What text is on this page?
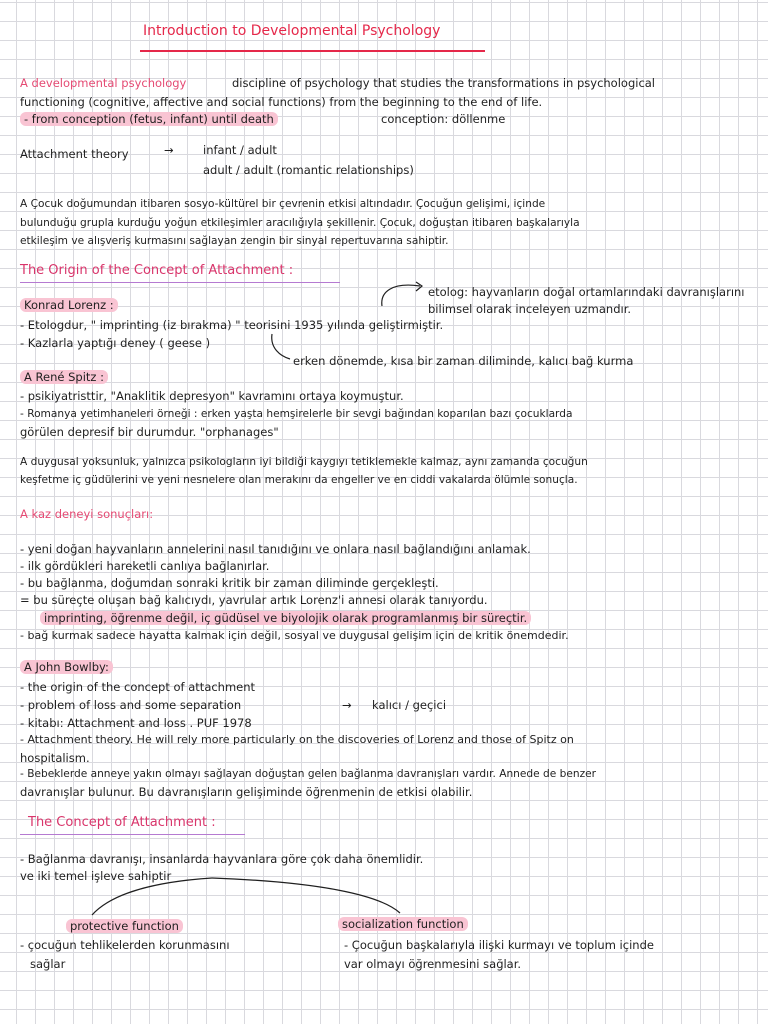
Introduction to Developmental Psychology
A developmental psychology	discipline of psychology that studies the transformations in psychological
functioning (cognitive, affective and social functions) from the beginning to the end of life.
- from conception (fetus, infant) until death	conception: döllenme
Attachment theory	→	infant / adult
adult / adult (romantic relationships)
A Çocuk doğumundan itibaren sosyo-kültürel bir çevrenin etkisi altındadır. Çocuğun gelişimi, içinde
bulunduğu grupla kurduğu yoğun etkileşimler aracılığıyla şekillenir. Çocuk, doğuştan itibaren başkalarıyla
etkileşim ve alışveriş kurmasını sağlayan zengin bir sinyal repertuvarına sahiptir.
The Origin of the Concept of Attachment :
etolog: hayvanların doğal ortamlarındaki davranışlarını
bilimsel olarak inceleyen uzmandır.
Konrad Lorenz :
- Etologdur, " imprinting (iz bırakma) " teorisini 1935 yılında geliştirmiştir.
- Kazlarla yaptığı deney ( geese )
erken dönemde, kısa bir zaman diliminde, kalıcı bağ kurma
A René Spitz :
- psikiyatristtir, "Anaklitik depresyon" kavramını ortaya koymuştur.
- Romanya yetimhaneleri örneği : erken yaşta hemşirelerle bir sevgi bağından koparılan bazı çocuklarda
görülen depresif bir durumdur. "orphanages"
A duygusal yoksunluk, yalnızca psikologların iyi bildiği kaygıyı tetiklemekle kalmaz, aynı zamanda çocuğun
keşfetme iç güdülerini ve yeni nesnelere olan merakını da engeller ve en ciddi vakalarda ölümle sonuçla.
A kaz deneyi sonuçları:
- yeni doğan hayvanların annelerini nasıl tanıdığını ve onlara nasıl bağlandığını anlamak.
- ilk gördükleri hareketli canlıya bağlanırlar.
- bu bağlanma, doğumdan sonraki kritik bir zaman diliminde gerçekleşti.
= bu süreçte oluşan bağ kalıcıydı, yavrular artık Lorenz'i annesi olarak tanıyordu.
imprinting, öğrenme değil, iç güdüsel ve biyolojik olarak programlanmış bir süreçtir.
- bağ kurmak sadece hayatta kalmak için değil, sosyal ve duygusal gelişim için de kritik önemdedir.
A John Bowlby:
- the origin of the concept of attachment
- problem of loss and some separation	→ kalıcı / geçici
- kitabı: Attachment and loss . PUF 1978
- Attachment theory. He will rely more particularly on the discoveries of Lorenz and those of Spitz on
hospitalism.
- Bebeklerde anneye yakın olmayı sağlayan doğuştan gelen bağlanma davranışları vardır. Annede de benzer
davranışlar bulunur. Bu davranışların gelişiminde öğrenmenin de etkisi olabilir.
The Concept of Attachment :
- Bağlanma davranışı, insanlarda hayvanlara göre çok daha önemlidir.
ve iki temel işleve sahiptir
protective function	socialization function
- çocuğun tehlikelerden korunmasını
sağlar
- Çocuğun başkalarıyla ilişki kurmayı ve toplum içinde
var olmayı öğrenmesini sağlar.
